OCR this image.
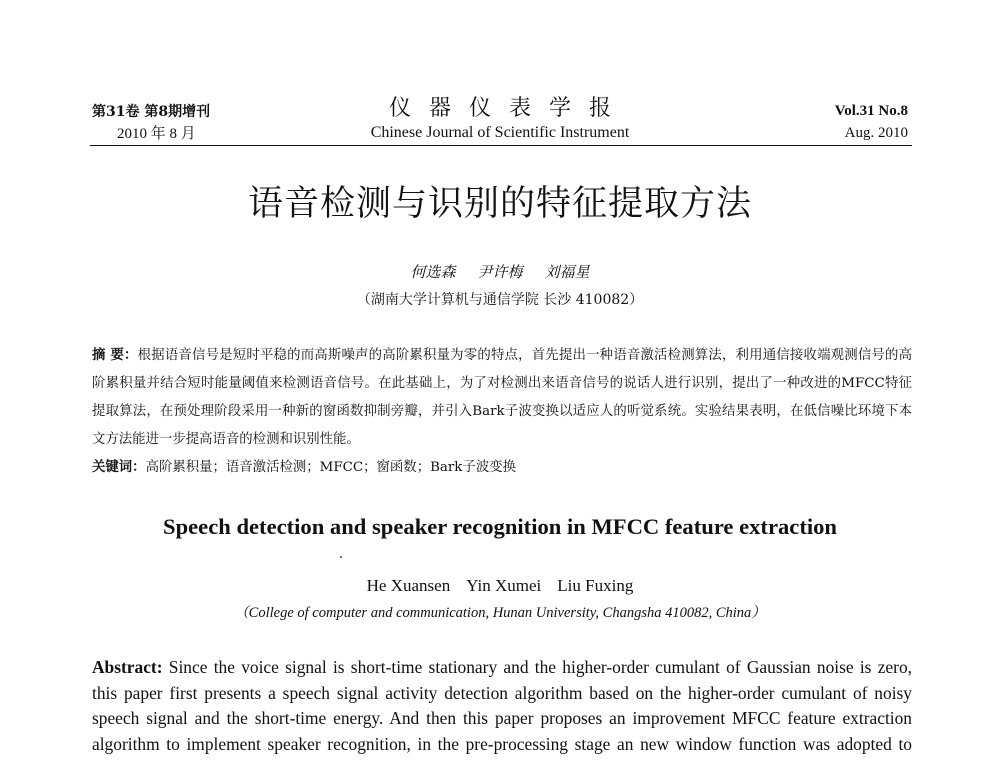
第31卷 第8期增刊
2010 年 8 月
仪器仪表学报
Chinese Journal of Scientific Instrument
Vol.31 No.8
Aug. 2010
语音检测与识别的特征提取方法
何选森 尹许梅 刘福星
（湖南大学计算机与通信学院 长沙 410082）
摘 要：根据语音信号是短时平稳的而高斯噪声的高阶累积量为零的特点，首先提出一种语音激活检测算法，利用通信接收端观测信号的高阶累积量并结合短时能量阈值来检测语音信号。在此基础上，为了对检测出来语音信号的说话人进行识别，提出了一种改进的MFCC特征提取算法，在预处理阶段采用一种新的窗函数抑制旁瓣，并引入Bark子波变换以适应人的听觉系统。实验结果表明，在低信噪比环境下本文方法能进一步提高语音的检测和识别性能。
关键词：高阶累积量；语音激活检测；MFCC；窗函数；Bark子波变换
Speech detection and speaker recognition in MFCC feature extraction
He Xuansen Yin Xumei Liu Fuxing
（College of computer and communication, Hunan University, Changsha 410082, China）
Abstract: Since the voice signal is short-time stationary and the higher-order cumulant of Gaussian noise is zero,
this paper first presents a speech signal activity detection algorithm based on the higher-order cumulant of noisy
speech signal and the short-time energy. And then this paper proposes an improvement MFCC feature extraction
algorithm to implement speaker recognition, in the pre-processing stage an new window function was adopted to
